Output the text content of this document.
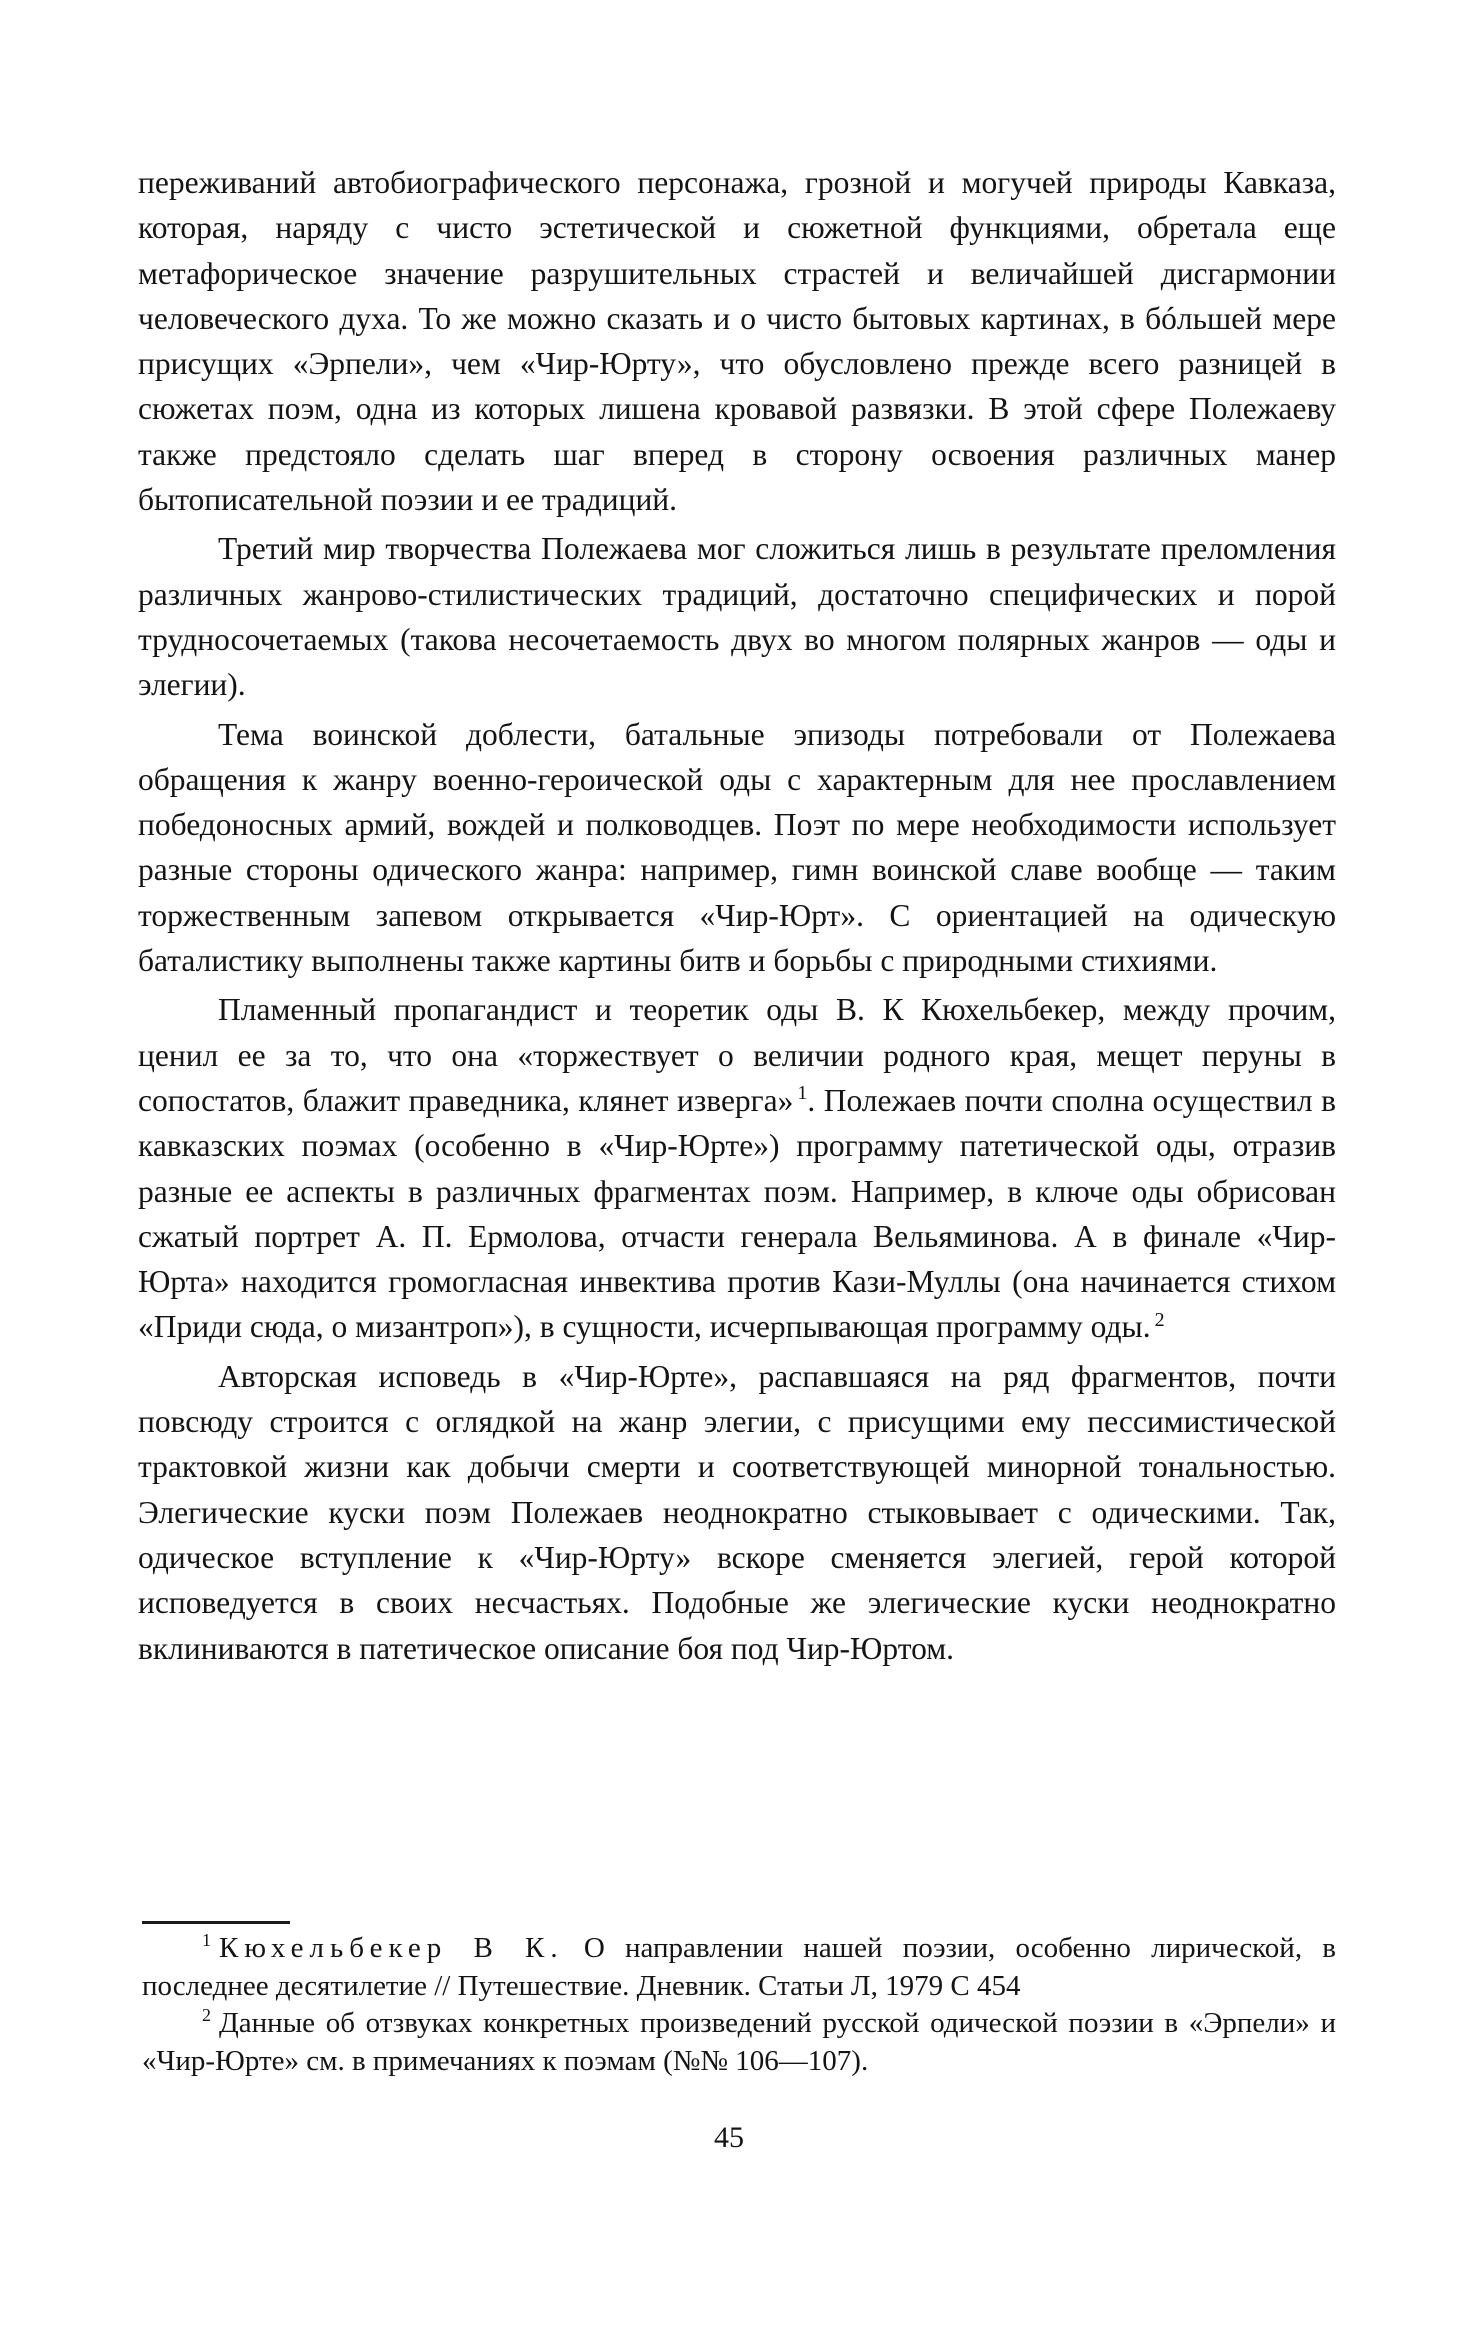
переживаний автобиографического персонажа, грозной и могучей природы Кавказа, которая, наряду с чисто эстетической и сюжетной функциями, обретала еще метафорическое значение разрушительных страстей и величайшей дисгармонии человеческого духа. То же можно сказать и о чисто бытовых картинах, в бóльшей мере присущих «Эрпели», чем «Чир-Юрту», что обусловлено прежде всего разницей в сюжетах поэм, одна из которых лишена кровавой развязки. В этой сфере Полежаеву также предстояло сделать шаг вперед в сторону освоения различных манер бытописательной поэзии и ее традиций.

Третий мир творчества Полежаева мог сложиться лишь в результате преломления различных жанрово-стилистических традиций, достаточно специфических и порой трудносочетаемых (такова несочетаемость двух во многом полярных жанров — оды и элегии).

Тема воинской доблести, батальные эпизоды потребовали от Полежаева обращения к жанру военно-героической оды с характерным для нее прославлением победоносных армий, вождей и полководцев. Поэт по мере необходимости использует разные стороны одического жанра: например, гимн воинской славе вообще — таким торжественным запевом открывается «Чир-Юрт». С ориентацией на одическую баталистику выполнены также картины битв и борьбы с природными стихиями.

Пламенный пропагандист и теоретик оды В. К Кюхельбекер, между прочим, ценил ее за то, что она «торжествует о величии родного края, мещет перуны в сопостатов, блажит праведника, клянет изверга» $^1$. Полежаев почти сполна осуществил в кавказских поэмах (особенно в «Чир-Юрте») программу патетической оды, отразив разные ее аспекты в различных фрагментах поэм. Например, в ключе оды обрисован сжатый портрет А. П. Ермолова, отчасти генерала Вельяминова. А в финале «Чир-Юрта» находится громогласная инвектива против Кази-Муллы (она начинается стихом «Приди сюда, о мизантроп»), в сущности, исчерпывающая программу оды. $^2$

Авторская исповедь в «Чир-Юрте», распавшаяся на ряд фрагментов, почти повсюду строится с оглядкой на жанр элегии, с присущими ему пессимистической трактовкой жизни как добычи смерти и соответствующей минорной тональностью. Элегические куски поэм Полежаев неоднократно стыковывает с одическими. Так, одическое вступление к «Чир-Юрту» вскоре сменяется элегией, герой которой исповедуется в своих несчастьях. Подобные же элегические куски неоднократно вклиниваются в патетическое описание боя под Чир-Юртом.

$^1$ Кюхельбекер В К. О направлении нашей поэзии, особенно лирической, в последнее десятилетие // Путешествие. Дневник. Статьи Л, 1979 С 454

$^2$ Данные об отзвуках конкретных произведений русской одической поэзии в «Эрпели» и «Чир-Юрте» см. в примечаниях к поэмам (№№ 106—107).

45
